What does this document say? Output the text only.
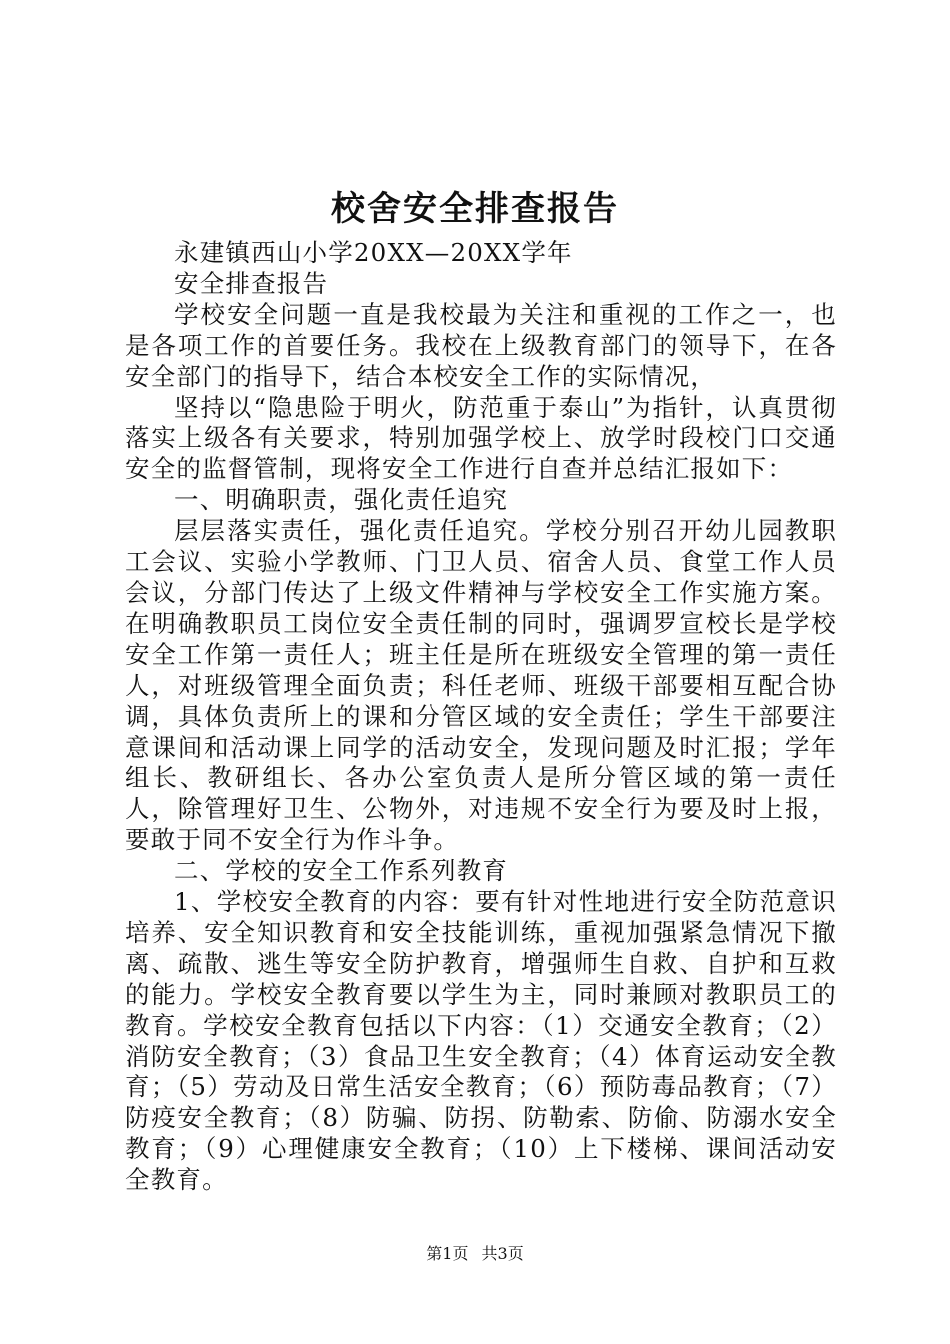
校舍安全排查报告

永建镇西山小学20XX—20XX学年

安全排查报告

学校安全问题一直是我校最为关注和重视的工作之一，也是各项工作的首要任务。我校在上级教育部门的领导下，在各安全部门的指导下，结合本校安全工作的实际情况，

坚持以“隐患险于明火，防范重于泰山”为指针，认真贯彻落实上级各有关要求，特别加强学校上、放学时段校门口交通安全的监督管制，现将安全工作进行自查并总结汇报如下：

一、明确职责，强化责任追究

层层落实责任，强化责任追究。学校分别召开幼儿园教职工会议、实验小学教师、门卫人员、宿舍人员、食堂工作人员会议，分部门传达了上级文件精神与学校安全工作实施方案。在明确教职员工岗位安全责任制的同时，强调罗宣校长是学校安全工作第一责任人；班主任是所在班级安全管理的第一责任人，对班级管理全面负责；科任老师、班级干部要相互配合协调，具体负责所上的课和分管区域的安全责任；学生干部要注意课间和活动课上同学的活动安全，发现问题及时汇报；学年组长、教研组长、各办公室负责人是所分管区域的第一责任人，除管理好卫生、公物外，对违规不安全行为要及时上报，要敢于同不安全行为作斗争。

二、学校的安全工作系列教育

1、学校安全教育的内容：要有针对性地进行安全防范意识培养、安全知识教育和安全技能训练，重视加强紧急情况下撤离、疏散、逃生等安全防护教育，增强师生自救、自护和互救的能力。学校安全教育要以学生为主，同时兼顾对教职员工的教育。学校安全教育包括以下内容：（1）交通安全教育；（2）消防安全教育；（3）食品卫生安全教育；（4）体育运动安全教育；（5）劳动及日常生活安全教育；（6）预防毒品教育；（7）防疫安全教育；（8）防骗、防拐、防勒索、防偷、防溺水安全教育；（9）心理健康安全教育；（10）上下楼梯、课间活动安全教育。

第1页 共3页
